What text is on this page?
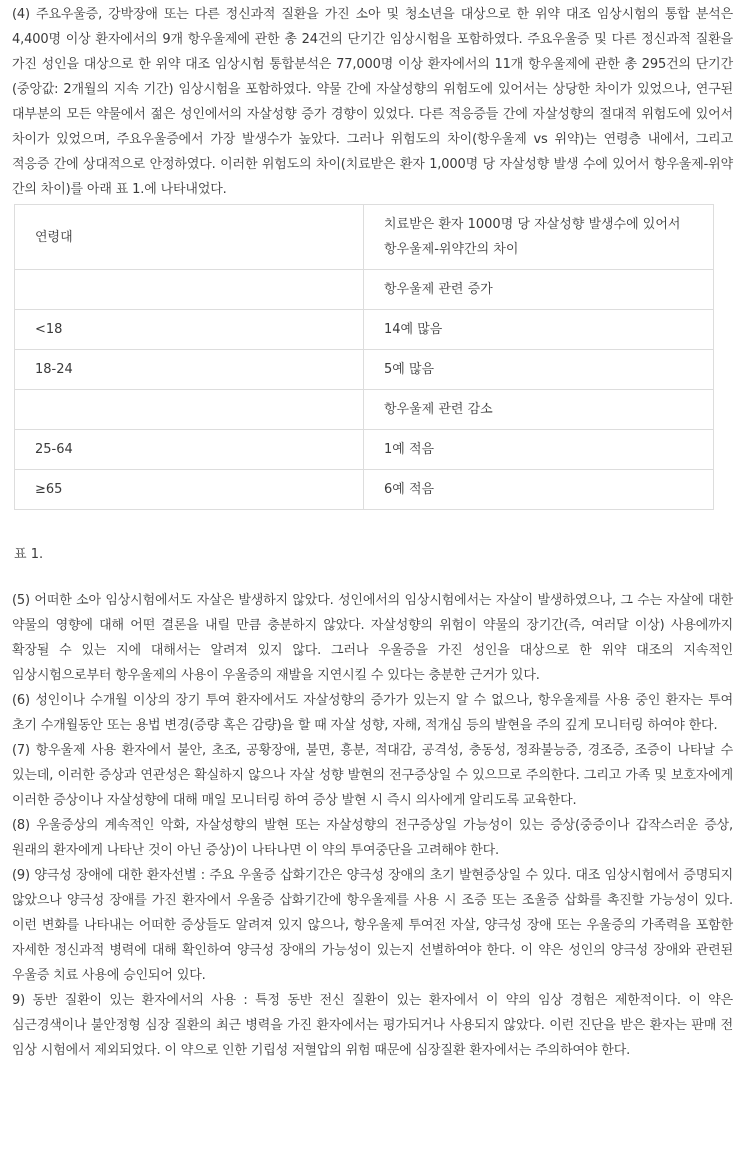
(4) 주요우울증, 강박장애 또는 다른 정신과적 질환을 가진 소아 및 청소년을 대상으로 한 위약 대조 임상시험의 통합 분석은 4,400명 이상 환자에서의 9개 항우울제에 관한 총 24건의 단기간 임상시험을 포함하였다. 주요우울증 및 다른 정신과적 질환을 가진 성인을 대상으로 한 위약 대조 임상시험 통합분석은 77,000명 이상 환자에서의 11개 항우울제에 관한 총 295건의 단기간(중앙값: 2개월의 지속 기간) 임상시험을 포함하였다. 약물 간에 자살성향의 위험도에 있어서는 상당한 차이가 있었으나, 연구된 대부분의 모든 약물에서 젊은 성인에서의 자살성향 증가 경향이 있었다. 다른 적응증들 간에 자살성향의 절대적 위험도에 있어서 차이가 있었으며, 주요우울증에서 가장 발생수가 높았다. 그러나 위험도의 차이(항우울제 vs 위약)는 연령층 내에서, 그리고 적응증 간에 상대적으로 안정하였다. 이러한 위험도의 차이(치료받은 환자 1,000명 당 자살성향 발생 수에 있어서 항우울제-위약 간의 차이)를 아래 표 1.에 나타내었다.

연령대	치료받은 환자 1000명 당 자살성향 발생수에 있어서 항우울제-위약간의 차이
	항우울제 관련 증가
<18	14예 많음
18-24	5예 많음
	항우울제 관련 감소
25-64	1예 적음
≥65	6예 적음

표 1.

(5) 어떠한 소아 임상시험에서도 자살은 발생하지 않았다. 성인에서의 임상시험에서는 자살이 발생하였으나, 그 수는 자살에 대한 약물의 영향에 대해 어떤 결론을 내릴 만큼 충분하지 않았다. 자살성향의 위험이 약물의 장기간(즉, 여러달 이상) 사용에까지 확장될 수 있는 지에 대해서는 알려져 있지 않다. 그러나 우울증을 가진 성인을 대상으로 한 위약 대조의 지속적인 임상시험으로부터 항우울제의 사용이 우울증의 재발을 지연시킬 수 있다는 충분한 근거가 있다.

(6) 성인이나 수개월 이상의 장기 투여 환자에서도 자살성향의 증가가 있는지 알 수 없으나, 항우울제를 사용 중인 환자는 투여 초기 수개월동안 또는 용법 변경(증량 혹은 감량)을 할 때 자살 성향, 자해, 적개심 등의 발현을 주의 깊게 모니터링 하여야 한다.

(7) 항우울제 사용 환자에서 불안, 초조, 공황장애, 불면, 흥분, 적대감, 공격성, 충동성, 정좌불능증, 경조증, 조증이 나타날 수 있는데, 이러한 증상과 연관성은 확실하지 않으나 자살 성향 발현의 전구증상일 수 있으므로 주의한다. 그리고 가족 및 보호자에게 이러한 증상이나 자살성향에 대해 매일 모니터링 하여 증상 발현 시 즉시 의사에게 알리도록 교육한다.

(8) 우울증상의 계속적인 악화, 자살성향의 발현 또는 자살성향의 전구증상일 가능성이 있는 증상(중증이나 갑작스러운 증상, 원래의 환자에게 나타난 것이 아닌 증상)이 나타나면 이 약의 투여중단을 고려해야 한다.

(9) 양극성 장애에 대한 환자선별 : 주요 우울증 삽화기간은 양극성 장애의 초기 발현증상일 수 있다. 대조 임상시험에서 증명되지 않았으나 양극성 장애를 가진 환자에서 우울증 삽화기간에 항우울제를 사용 시 조증 또는 조울증 삽화를 촉진할 가능성이 있다. 이런 변화를 나타내는 어떠한 증상들도 알려져 있지 않으나, 항우울제 투여전 자살, 양극성 장애 또는 우울증의 가족력을 포함한 자세한 정신과적 병력에 대해 확인하여 양극성 장애의 가능성이 있는지 선별하여야 한다. 이 약은 성인의 양극성 장애와 관련된 우울증 치료 사용에 승인되어 있다.

9) 동반 질환이 있는 환자에서의 사용 : 특정 동반 전신 질환이 있는 환자에서 이 약의 임상 경험은 제한적이다. 이 약은 심근경색이나 불안정형 심장 질환의 최근 병력을 가진 환자에서는 평가되거나 사용되지 않았다. 이런 진단을 받은 환자는 판매 전 임상 시험에서 제외되었다. 이 약으로 인한 기립성 저혈압의 위험 때문에 심장질환 환자에서는 주의하여야 한다.
